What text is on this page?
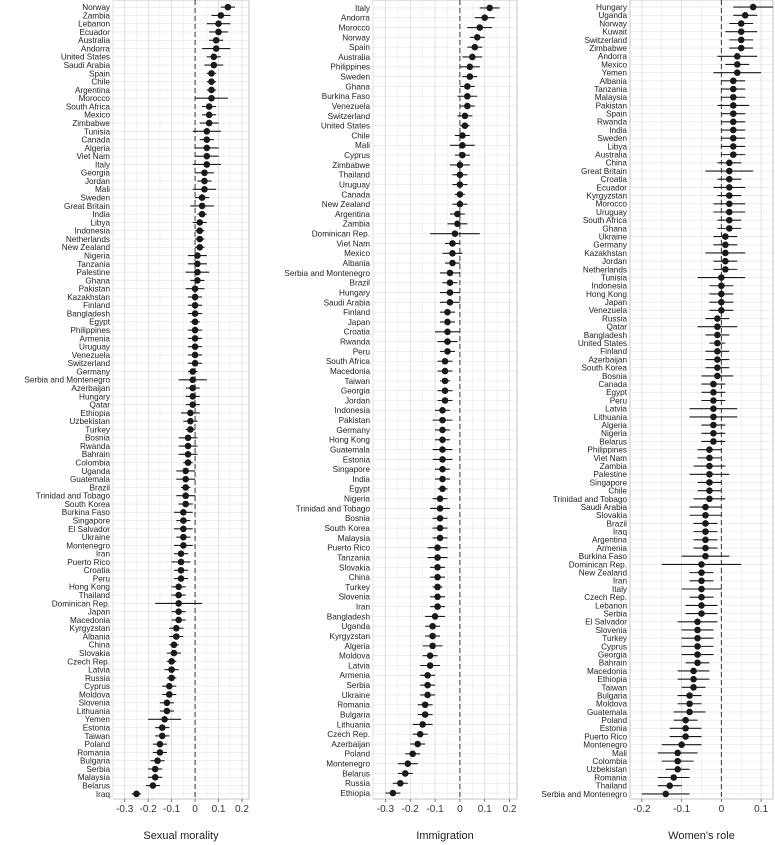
Norway
Zambia
Lebanon
Ecuador
Australia
Andorra
United States
Saudi Arabia
Spain
Chile
Argentina
Morocco
South Africa
Mexico
Zimbabwe
Tunisia
Canada
Algeria
Viet Nam
Italy
Georgia
Jordan
Mali
Sweden
Great Britain
India
Libya
Indonesia
Netherlands
New Zealand
Nigeria
Tanzania
Palestine
Ghana
Pakistan
Kazakhstan
Finland
Bangladesh
Egypt
Philippines
Armenia
Uruguay
Venezuela
Switzerland
Germany
Serbia and Montenegro
Azerbaijan
Hungary
Qatar
Ethiopia
Uzbekistan
Turkey
Bosnia
Rwanda
Bahrain
Colombia
Uganda
Guatemala
Brazil
Trinidad and Tobago
South Korea
Burkina Faso
Singapore
El Salvador
Ukraine
Montenegro
Iran
Puerto Rico
Croatia
Peru
Hong Kong
Thailand
Dominican Rep.
Japan
Macedonia
Kyrgyzstan
Albania
China
Slovakia
Czech Rep.
Latvia
Russia
Cyprus
Moldova
Slovenia
Lithuania
Yemen
Estonia
Taiwan
Poland
Romania
Bulgaria
Serbia
Malaysia
Belarus
Iraq
-0.3 -0.2 -0.1 0 0.1 0.2
Sexual morality
Italy
Andorra
Morocco
Norway
Spain
Australia
Philippines
Sweden
Ghana
Burkina Faso
Venezuela
Switzerland
United States
Chile
Mali
Cyprus
Zimbabwe
Thailand
Uruguay
Canada
New Zealand
Argentina
Zambia
Dominican Rep.
Viet Nam
Mexico
Albania
Serbia and Montenegro
Brazil
Hungary
Saudi Arabia
Finland
Japan
Croatia
Rwanda
Peru
South Africa
Macedonia
Taiwan
Georgia
Jordan
Indonesia
Pakistan
Germany
Hong Kong
Guatemala
Estonia
Singapore
India
Egypt
Nigeria
Trinidad and Tobago
Bosnia
South Korea
Malaysia
Puerto Rico
Tanzania
Slovakia
China
Turkey
Slovenia
Iran
Bangladesh
Uganda
Kyrgyzstan
Algeria
Moldova
Latvia
Armenia
Serbia
Ukraine
Romania
Bulgaria
Lithuania
Czech Rep.
Azerbaijan
Poland
Montenegro
Belarus
Russia
Ethiopia
-0.3 -0.2 -0.1 0 0.1 0.2
Immigration
Hungary
Uganda
Norway
Kuwait
Switzerland
Zimbabwe
Andorra
Mexico
Yemen
Albania
Tanzania
Malaysia
Pakistan
Spain
Rwanda
India
Sweden
Libya
Australia
China
Great Britain
Croatia
Ecuador
Kyrgyzstan
Morocco
Uruguay
South Africa
Ghana
Ukraine
Germany
Kazakhstan
Jordan
Netherlands
Tunisia
Indonesia
Hong Kong
Japan
Venezuela
Russia
Qatar
Bangladesh
United States
Finland
Azerbaijan
South Korea
Bosnia
Canada
Egypt
Peru
Latvia
Lithuania
Algeria
Nigeria
Belarus
Philippines
Viet Nam
Zambia
Palestine
Singapore
Chile
Trinidad and Tobago
Saudi Arabia
Slovakia
Brazil
Iraq
Argentina
Armenia
Burkina Faso
Dominican Rep.
New Zealand
Iran
Italy
Czech Rep.
Lebanon
Serbia
El Salvador
Slovenia
Turkey
Cyprus
Georgia
Bahrain
Macedonia
Ethiopia
Taiwan
Bulgaria
Moldova
Guatemala
Poland
Estonia
Puerto Rico
Montenegro
Mali
Colombia
Uzbekistan
Romania
Thailand
Serbia and Montenegro
-0.2 -0.1	0	0.1
Women's role
